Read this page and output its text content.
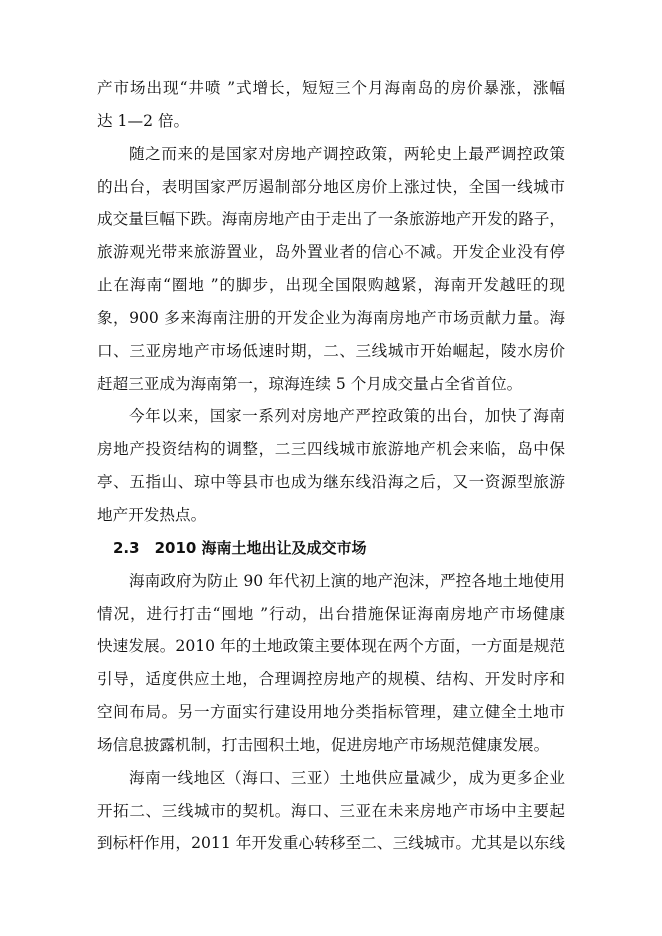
产市场出现“井喷 ”式增长，短短三个月海南岛的房价暴涨，涨幅
达 1—2 倍。
随之而来的是国家对房地产调控政策，两轮史上最严调控政策
的出台，表明国家严厉遏制部分地区房价上涨过快，全国一线城市
成交量巨幅下跌。海南房地产由于走出了一条旅游地产开发的路子，
旅游观光带来旅游置业，岛外置业者的信心不减。开发企业没有停
止在海南“圈地 ”的脚步，出现全国限购越紧，海南开发越旺的现
象，900 多来海南注册的开发企业为海南房地产市场贡献力量。海
口、三亚房地产市场低速时期，二、三线城市开始崛起，陵水房价
赶超三亚成为海南第一，琼海连续 5 个月成交量占全省首位。
今年以来，国家一系列对房地产严控政策的出台，加快了海南
房地产投资结构的调整，二三四线城市旅游地产机会来临，岛中保
亭、五指山、琼中等县市也成为继东线沿海之后，又一资源型旅游
地产开发热点。
2.3　2010 海南土地出让及成交市场
海南政府为防止 90 年代初上演的地产泡沫，严控各地土地使用
情况，进行打击“囤地 ”行动，出台措施保证海南房地产市场健康
快速发展。2010 年的土地政策主要体现在两个方面，一方面是规范
引导，适度供应土地，合理调控房地产的规模、结构、开发时序和
空间布局。另一方面实行建设用地分类指标管理，建立健全土地市
场信息披露机制，打击囤积土地，促进房地产市场规范健康发展。
海南一线地区（海口、三亚）土地供应量减少，成为更多企业
开拓二、三线城市的契机。海口、三亚在未来房地产市场中主要起
到标杆作用，2011 年开发重心转移至二、三线城市。尤其是以东线
